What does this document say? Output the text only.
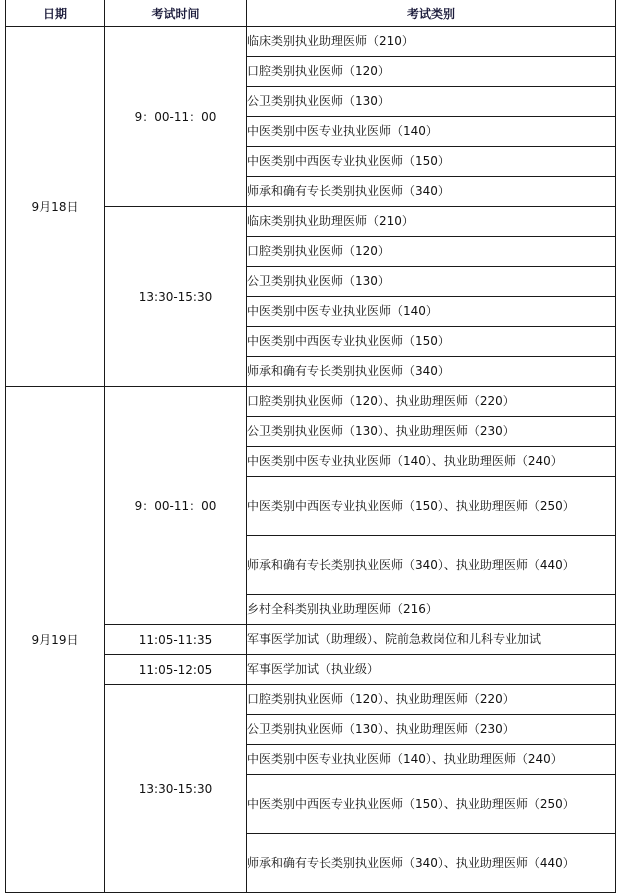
日期	考试时间	考试类别
9月18日	9：00-11：00	临床类别执业助理医师（210）
		口腔类别执业医师（120）
		公卫类别执业医师（130）
		中医类别中医专业执业医师（140）
		中医类别中西医专业执业医师（150）
		师承和确有专长类别执业医师（340）
	13:30-15:30	临床类别执业助理医师（210）
		口腔类别执业医师（120）
		公卫类别执业医师（130）
		中医类别中医专业执业医师（140）
		中医类别中西医专业执业医师（150）
		师承和确有专长类别执业医师（340）
9月19日	9：00-11：00	口腔类别执业医师（120）、执业助理医师（220）
		公卫类别执业医师（130）、执业助理医师（230）
		中医类别中医专业执业医师（140）、执业助理医师（240）
		中医类别中西医专业执业医师（150）、执业助理医师（250）
		师承和确有专长类别执业医师（340）、执业助理医师（440）
		乡村全科类别执业助理医师（216）
	11:05-11:35	军事医学加试（助理级）、院前急救岗位和儿科专业加试
	11:05-12:05	军事医学加试（执业级）
	13:30-15:30	口腔类别执业医师（120）、执业助理医师（220）
		公卫类别执业医师（130）、执业助理医师（230）
		中医类别中医专业执业医师（140）、执业助理医师（240）
		中医类别中西医专业执业医师（150）、执业助理医师（250）
		师承和确有专长类别执业医师（340）、执业助理医师（440）
